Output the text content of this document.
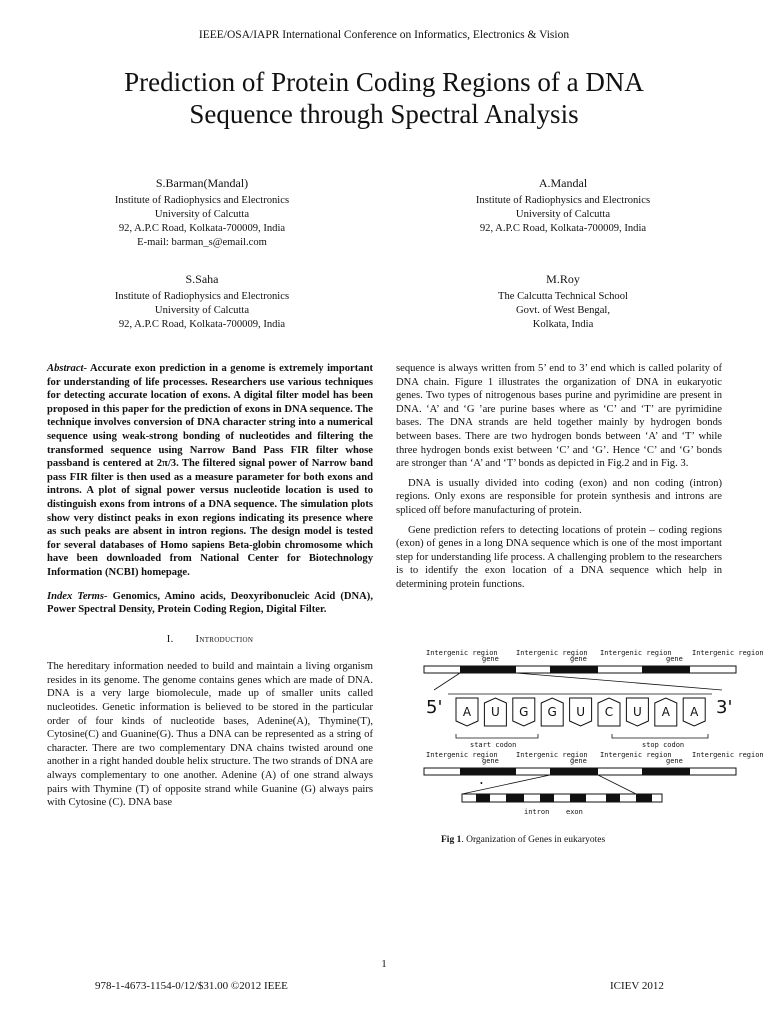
IEEE/OSA/IAPR International Conference on Informatics, Electronics & Vision
Prediction of Protein Coding Regions of a DNA
Sequence through Spectral Analysis
S.Barman(Mandal)
Institute of Radiophysics and Electronics
University of Calcutta
92, A.P.C Road, Kolkata-700009, India
E-mail: barman_s@email.com
A.Mandal
Institute of Radiophysics and Electronics
University of Calcutta
92, A.P.C Road, Kolkata-700009, India
S.Saha
Institute of Radiophysics and Electronics
University of Calcutta
92, A.P.C Road, Kolkata-700009, India
M.Roy
The Calcutta Technical School
Govt. of West Bengal,
Kolkata, India

Abstract- Accurate exon prediction in a genome is extremely important for understanding of life processes. Researchers use various techniques for detecting accurate location of exons. A digital filter model has been proposed in this paper for the prediction of exons in DNA sequence. The technique involves conversion of DNA character string into a numerical sequence using weak-strong bonding of nucleotides and filtering the transformed sequence using Narrow Band Pass FIR filter whose passband is centered at 2π/3. The filtered signal power of Narrow band pass FIR filter is then used as a measure parameter for both exons and introns. A plot of signal power versus nucleotide location is used to distinguish exons from introns of a DNA sequence. The simulation plots show very distinct peaks in exon regions indicating its presence where as such peaks are absent in intron regions. The design model is tested for several databases of Homo sapiens Beta-globin chromosome which have been downloaded from National Center for Biotechnology Information (NCBI) homepage.

Index Terms- Genomics, Amino acids, Deoxyribonucleic Acid (DNA), Power Spectral Density, Protein Coding Region, Digital Filter.

I. Introduction

The hereditary information needed to build and maintain a living organism resides in its genome. The genome contains genes which are made of DNA. DNA is a very large biomolecule, made up of smaller units called nucleotides. Genetic information is believed to be stored in the particular order of four kinds of nucleotide bases, Adenine(A), Thymine(T), Cytosine(C) and Guanine(G). Thus a DNA can be represented as a string of character. There are two complementary DNA chains twisted around one another in a right handed double helix structure. The two strands of DNA are always complementary to one another. Adenine (A) of one strand always pairs with Thymine (T) of opposite strand while Guanine (G) always pairs with Cytosine (C). DNA base

sequence is always written from 5’ end to 3’ end which is called polarity of DNA chain. Figure 1 illustrates the organization of DNA in eukaryotic genes. Two types of nitrogenous bases purine and pyrimidine are present in DNA. ‘A’ and ‘G ’are purine bases where as ‘C’ and ‘T’ are pyrimidine bases. The DNA strands are held together mainly by hydrogen bonds between bases. There are two hydrogen bonds between ‘A’ and ‘T’ while three hydrogen bonds exist between ‘C’ and ‘G’. Hence ‘C’ and ‘G’ bonds are stronger than ‘A’ and ‘T’ bonds as depicted in Fig.2 and in Fig. 3.

DNA is usually divided into coding (exon) and non coding (intron) regions. Only exons are responsible for protein synthesis and introns are spliced off before manufacturing of protein.

Gene prediction refers to detecting locations of protein – coding regions (exon) of genes in a long DNA sequence which is one of the most important step for understanding life process. A challenging problem to the researchers is to identify the exon location of a DNA sequence which help in determining protein functions.

Intergenic region
gene
Intergenic region
gene
Intergenic region
gene
Intergenic region
5'	3'
A U G G U C U A A
start codon	stop codon
Intergenic region
gene
Intergenic region
gene
Intergenic region
gene
Intergenic region
•
intron exon
Fig 1. Organization of Genes in eukaryotes
1
978-1-4673-1154-0/12/$31.00 ©2012 IEEE	ICIEV 2012
